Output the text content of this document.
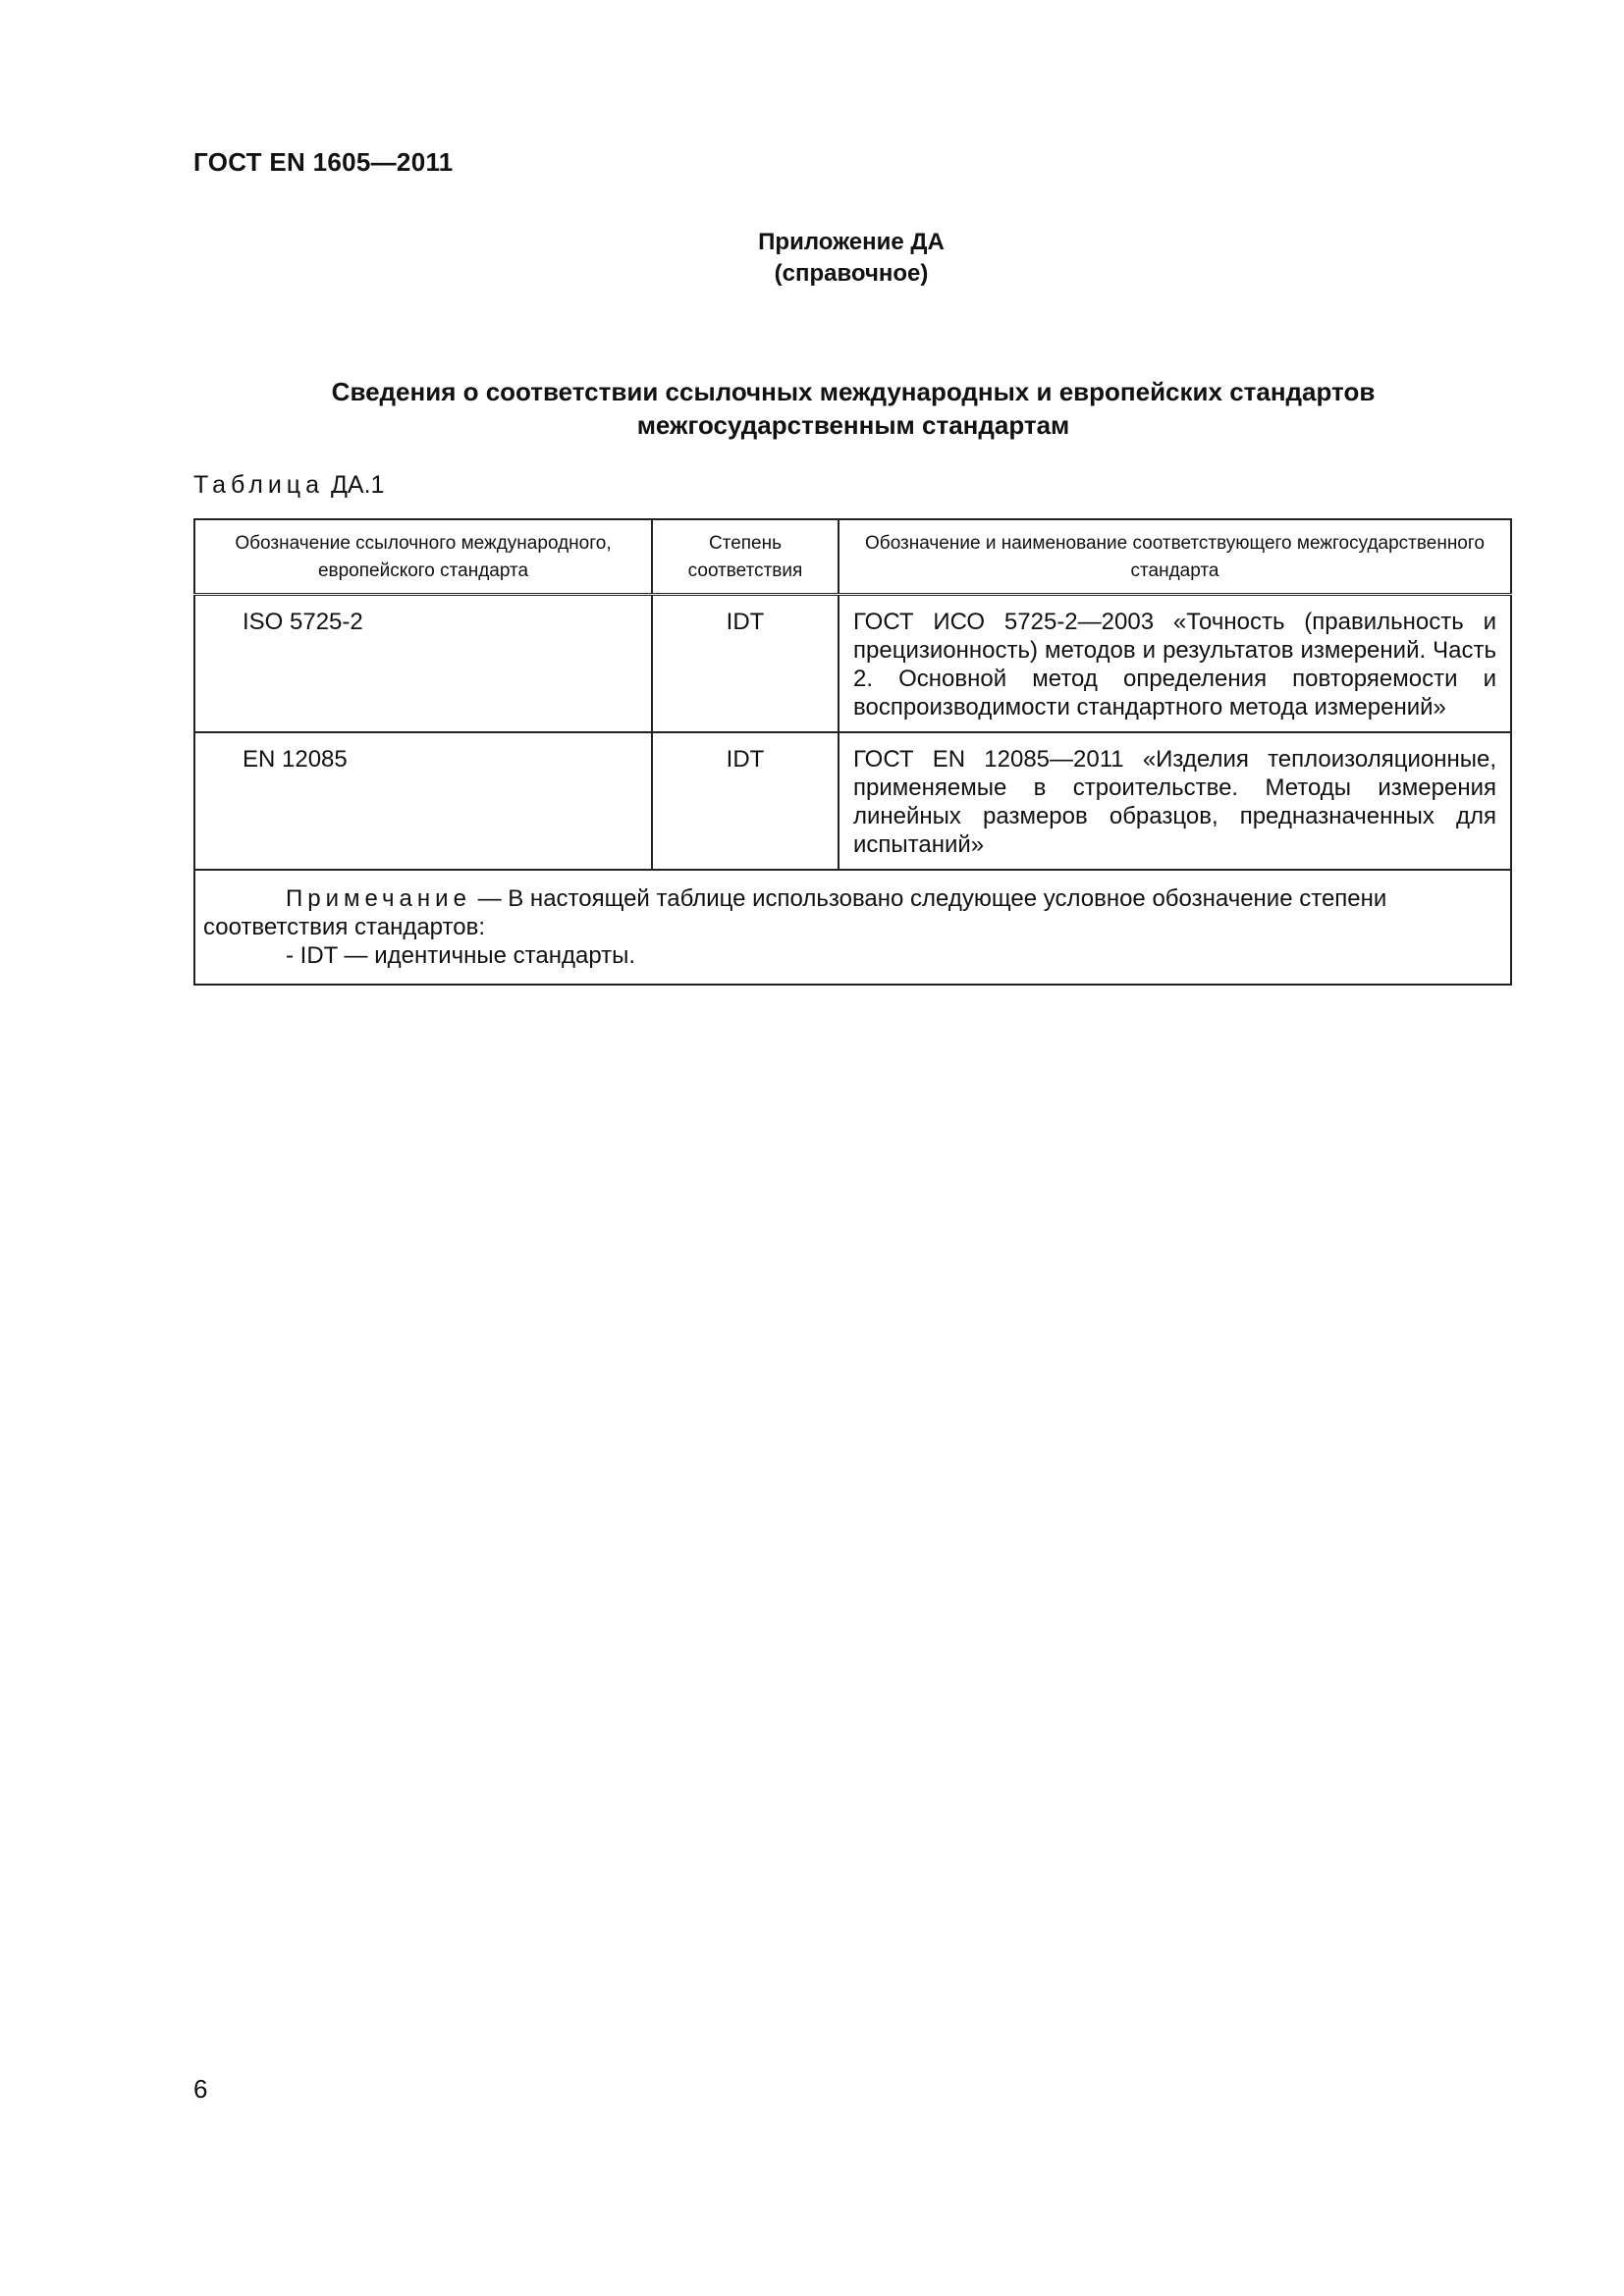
ГОСТ EN 1605—2011
Приложение ДА
(справочное)
Сведения о соответствии ссылочных международных и европейских стандартов
межгосударственным стандартам
Таблица ДА.1
Обозначение ссылочного международного, европейского стандарта	Степень соответствия	Обозначение и наименование соответствующего межгосударственного стандарта
ISO 5725-2	IDT	ГОСТ ИСО 5725-2—2003 «Точность (правильность и прецизионность) методов и результатов измерений. Часть 2. Основной метод определения повторяемости и воспроизводимости стандартного метода измерений»
EN 12085	IDT	ГОСТ EN 12085—2011 «Изделия теплоизоляционные, применяемые в строительстве. Методы измерения линейных размеров образцов, предназначенных для испытаний»

Примечание — В настоящей таблице использовано следующее условное обозначение степени соответствия стандартов:
- IDT — идентичные стандарты.		
6
